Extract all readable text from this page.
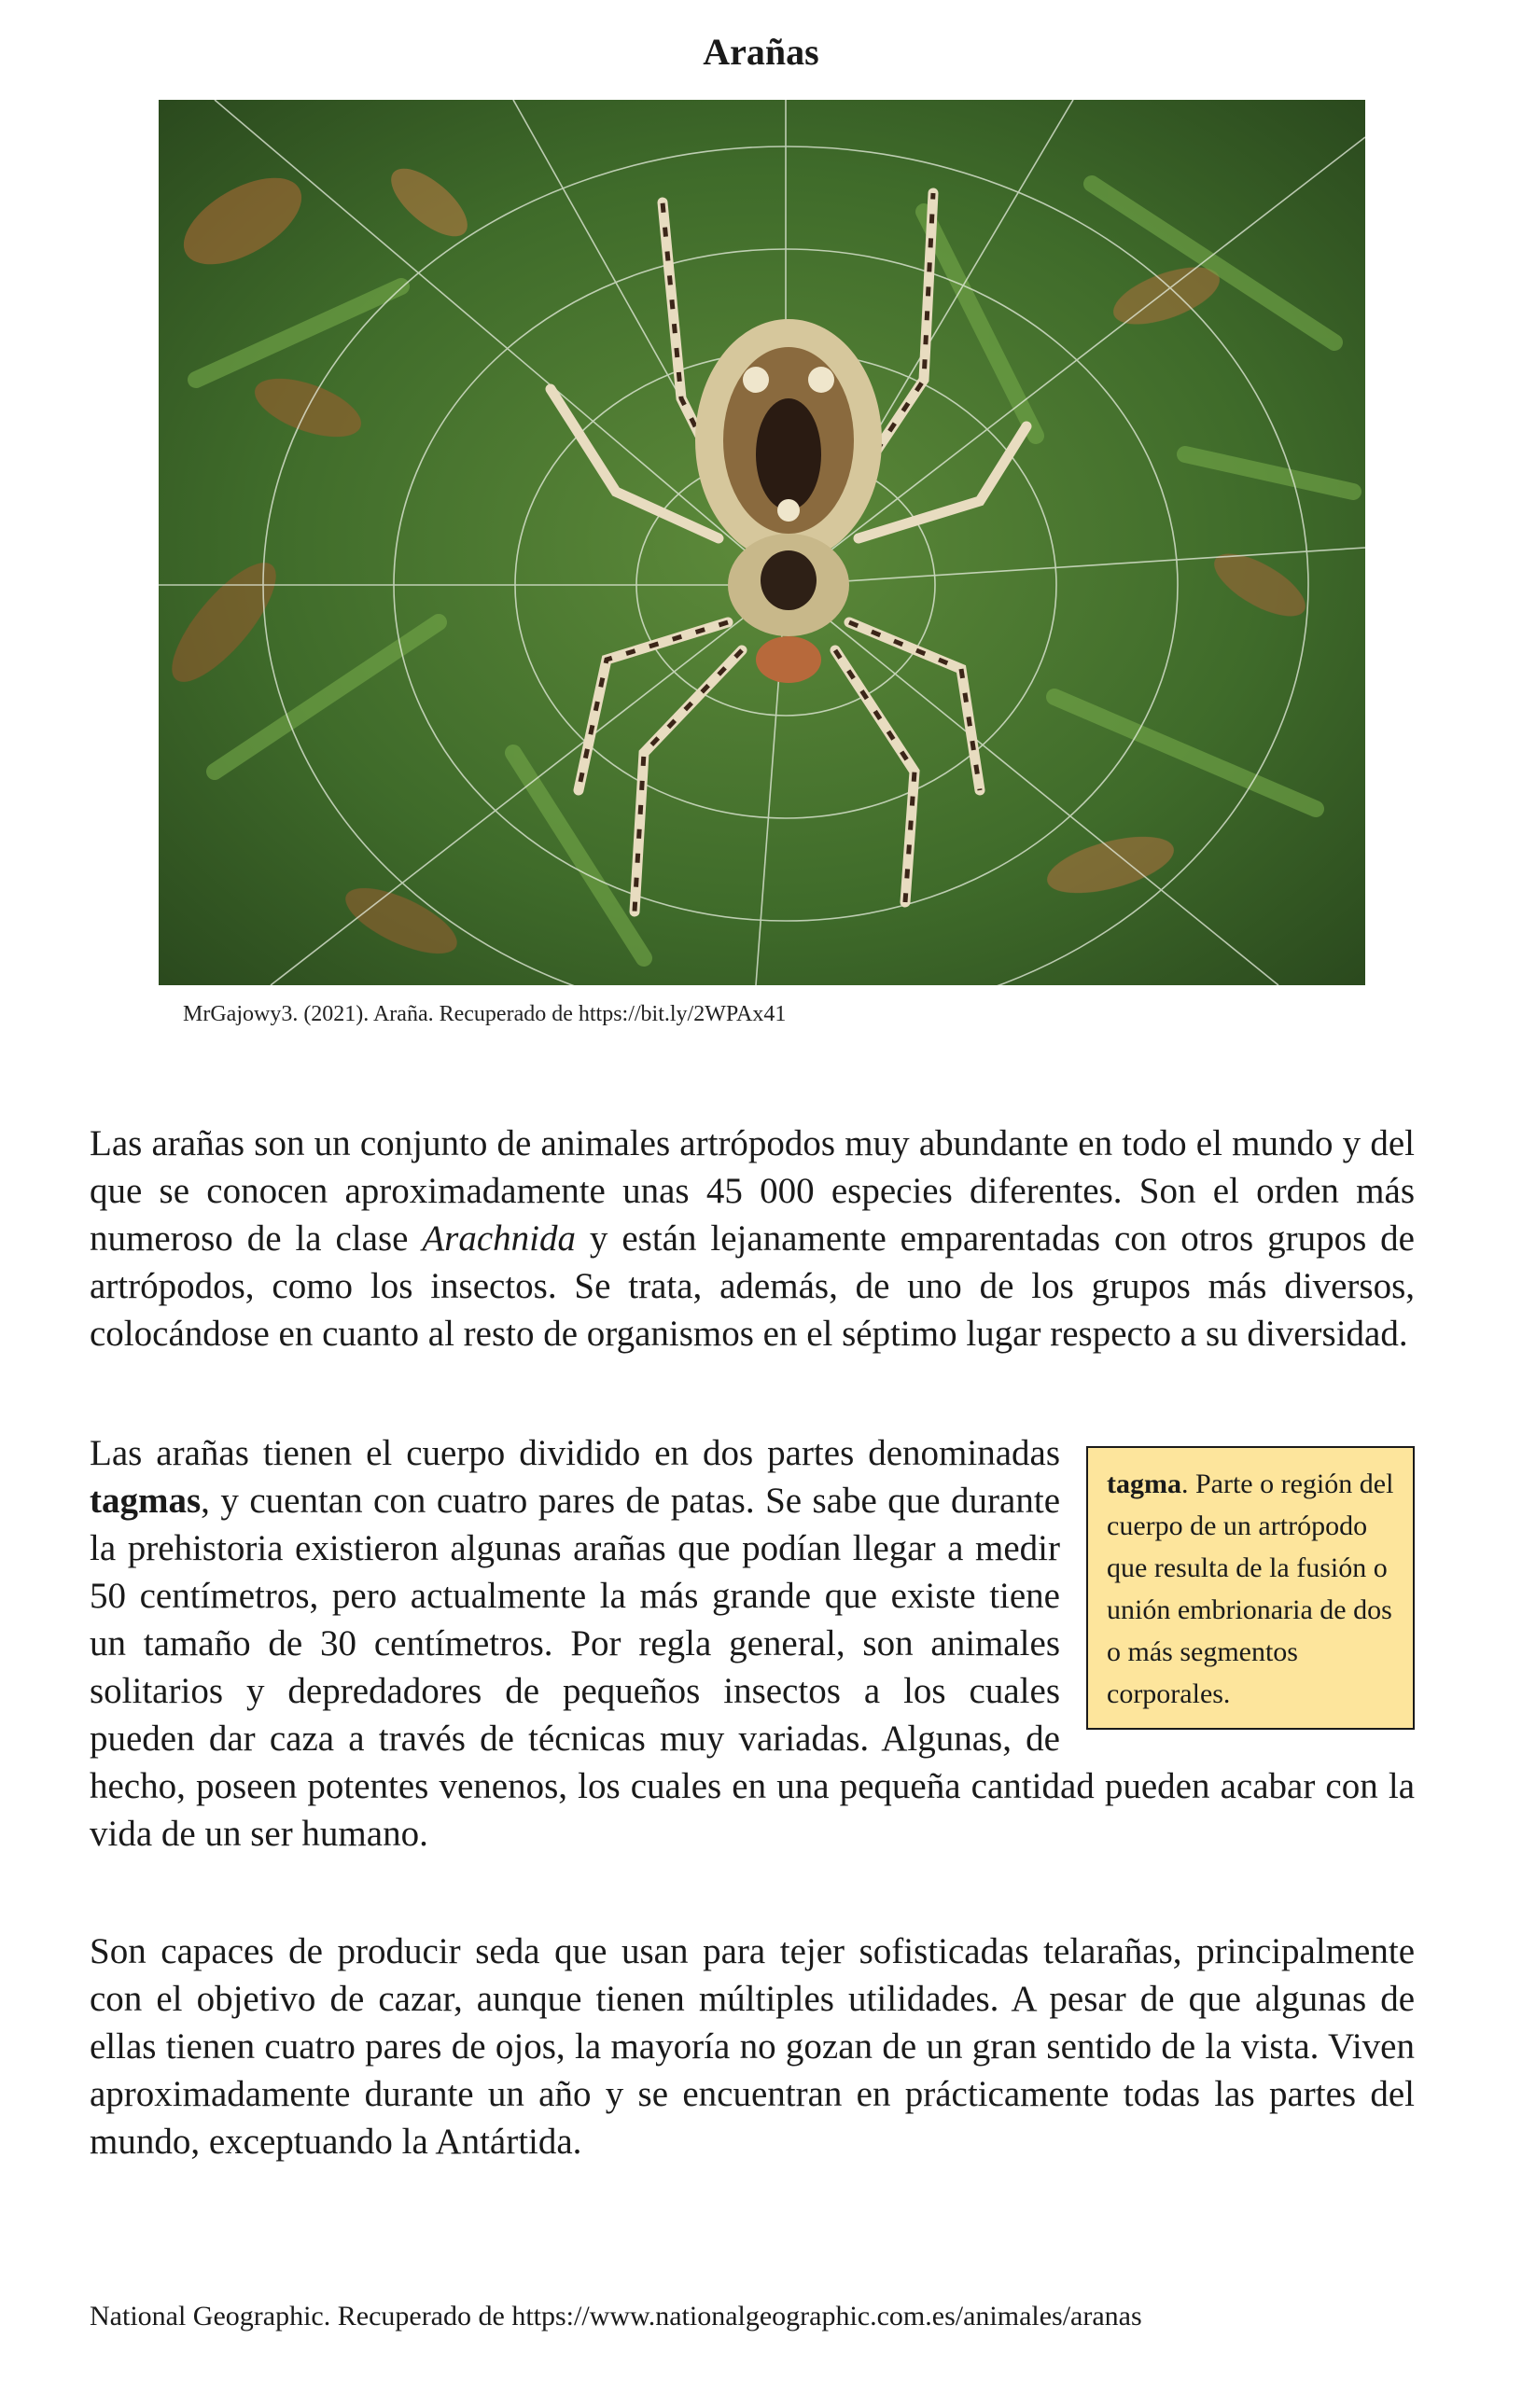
Arañas
MrGajowy3. (2021). Araña. Recuperado de https://bit.ly/2WPAx41

Las arañas son un conjunto de animales artrópodos muy abundante en todo el mundo y del que se conocen aproximadamente unas 45 000 especies diferentes. Son el orden más numeroso de la clase Arachnida y están lejanamente emparentadas con otros grupos de artrópodos, como los insectos. Se trata, además, de uno de los grupos más diversos, colocándose en cuanto al resto de organismos en el séptimo lugar respecto a su diversidad.

tagma. Parte o región del cuerpo de un artrópodo que resulta de la fusión o unión embrionaria de dos o más segmentos corporales.
Las arañas tienen el cuerpo dividido en dos partes denominadas tagmas, y cuentan con cuatro pares de patas. Se sabe que durante la prehistoria existieron algunas arañas que podían llegar a medir 50 centímetros, pero actualmente la más grande que existe tiene un tamaño de 30 centímetros. Por regla general, son animales solitarios y depredadores de pequeños insectos a los cuales pueden dar caza a través de técnicas muy variadas. Algunas, de hecho, poseen potentes venenos, los cuales en una pequeña cantidad pueden acabar con la vida de un ser humano.

Son capaces de producir seda que usan para tejer sofisticadas telarañas, principalmente con el objetivo de cazar, aunque tienen múltiples utilidades. A pesar de que algunas de ellas tienen cuatro pares de ojos, la mayoría no gozan de un gran sentido de la vista. Viven aproximadamente durante un año y se encuentran en prácticamente todas las partes del mundo, exceptuando la Antártida.

National Geographic. Recuperado de https://www.nationalgeographic.com.es/animales/aranas
